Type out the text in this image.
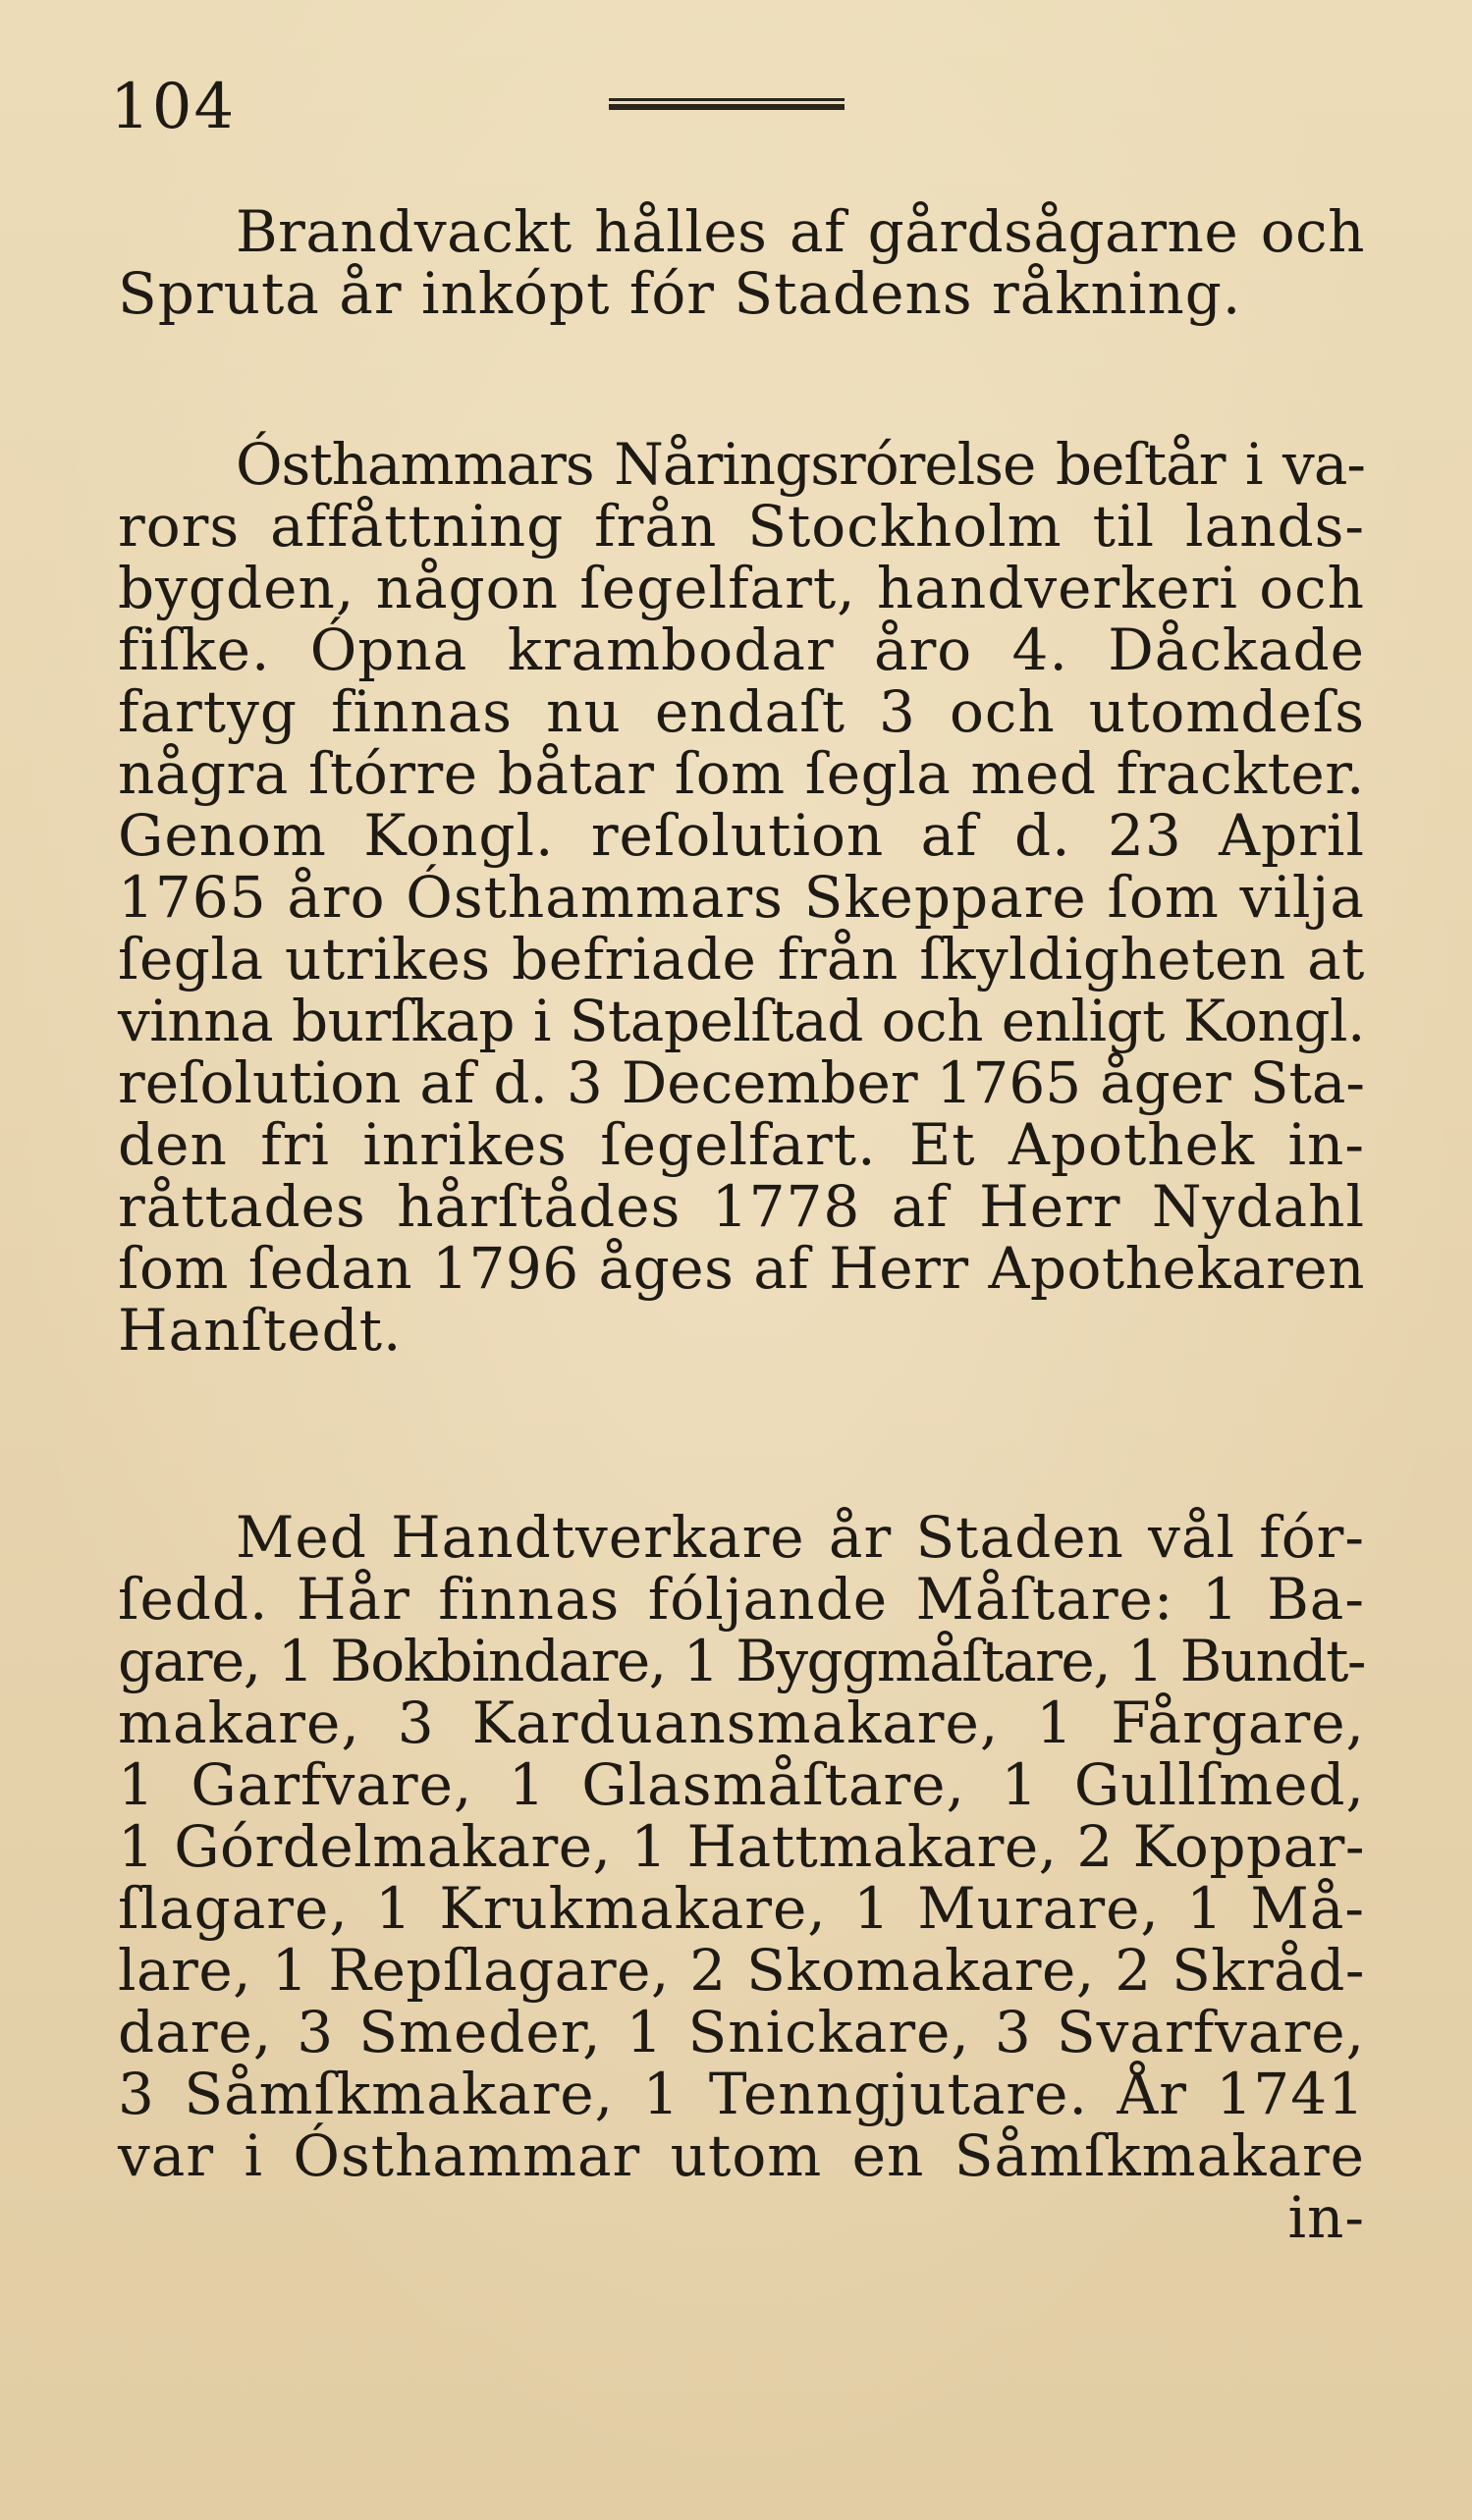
104
Brandvackt hålles af gårdsågarne och
Spruta år inkópt fór Stadens råkning.
Ósthammars Nåringsrórelse beſtår i va-
rors affåttning från Stockholm til lands-
bygden, någon ſegelfart, handverkeri och
fiſke. Ópna krambodar åro 4. Dåckade
fartyg finnas nu endaſt 3 och utomdeſs
några ſtórre båtar ſom ſegla med frackter.
Genom Kongl. reſolution af d. 23 April
1765 åro Ósthammars Skeppare ſom vilja
ſegla utrikes befriade från ſkyldigheten at
vinna burſkap i Stapelſtad och enligt Kongl.
reſolution af d. 3 December 1765 åger Sta-
den fri inrikes ſegelfart. Et Apothek in-
råttades hårſtådes 1778 af Herr Nydahl
ſom ſedan 1796 åges af Herr Apothekaren
Hanſtedt.
Med Handtverkare år Staden vål fór-
ſedd. Hår finnas fóljande Måſtare: 1 Ba-
gare, 1 Bokbindare, 1 Byggmåſtare, 1 Bundt-
makare, 3 Karduansmakare, 1 Fårgare,
1 Garfvare, 1 Glasmåſtare, 1 Gullſmed,
1 Górdelmakare, 1 Hattmakare, 2 Koppar-
ſlagare, 1 Krukmakare, 1 Murare, 1 Må-
lare, 1 Repſlagare, 2 Skomakare, 2 Skråd-
dare, 3 Smeder, 1 Snickare, 3 Svarfvare,
3 Såmſkmakare, 1 Tenngjutare. År 1741
var i Ósthammar utom en Såmſkmakare
in-
